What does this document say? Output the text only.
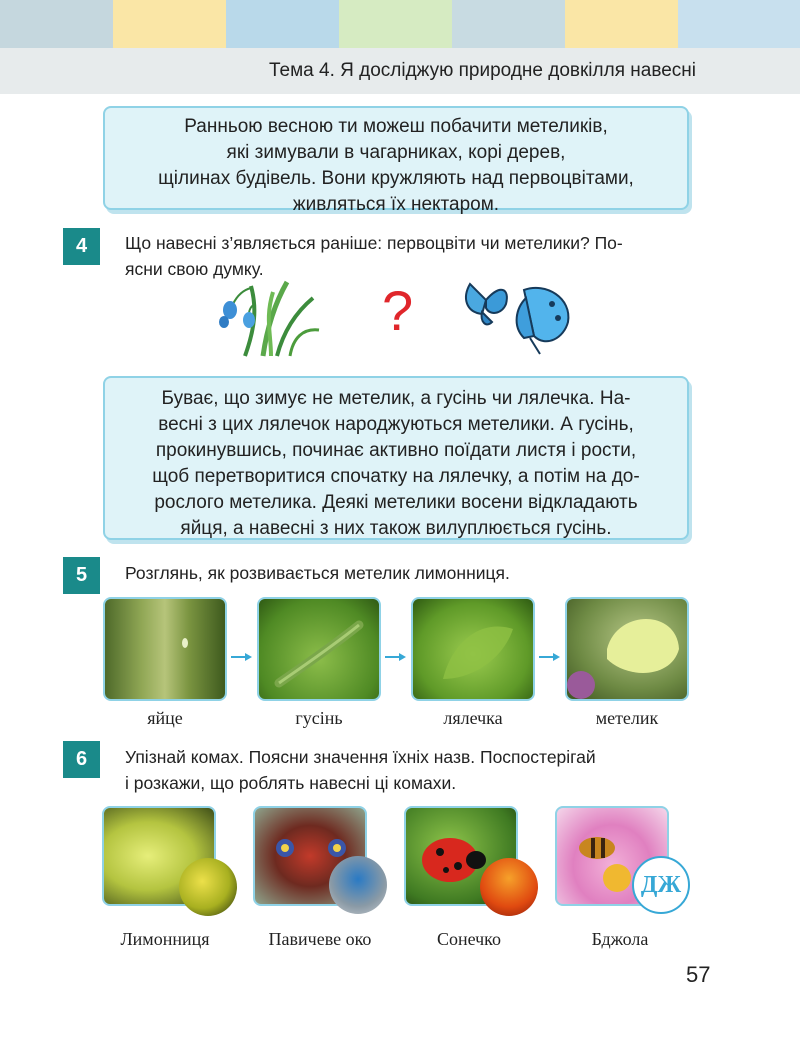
Тема 4. Я досліджую природне довкілля навесні
Ранньою весною ти можеш побачити метеликів,
які зимували в чагарниках, корі дерев,
щілинах будівель. Вони кружляють над первоцвітами,
живляться їх нектаром.
4	Що навесні з’являється раніше: первоцвіти чи метелики? По-
ясни свою думку.
?
Буває, що зимує не метелик, а гусінь чи лялечка. На-
весні з цих лялечок народжуються метелики. А гусінь,
прокинувшись, починає активно поїдати листя і рости,
щоб перетворитися спочатку на лялечку, а потім на до-
рослого метелика. Деякі метелики восени відкладають
яйця, а навесні з них також вилуплюється гусінь.
5	Розглянь, як розвивається метелик лимонниця.
яйце	гусінь	лялечка	метелик
6	Упізнай комах. Поясни значення їхніх назв. Поспостерігай
і розкажи, що роблять навесні ці комахи.
ДЖ
Лимонниця	Павичеве око	Сонечко	Бджола
57
